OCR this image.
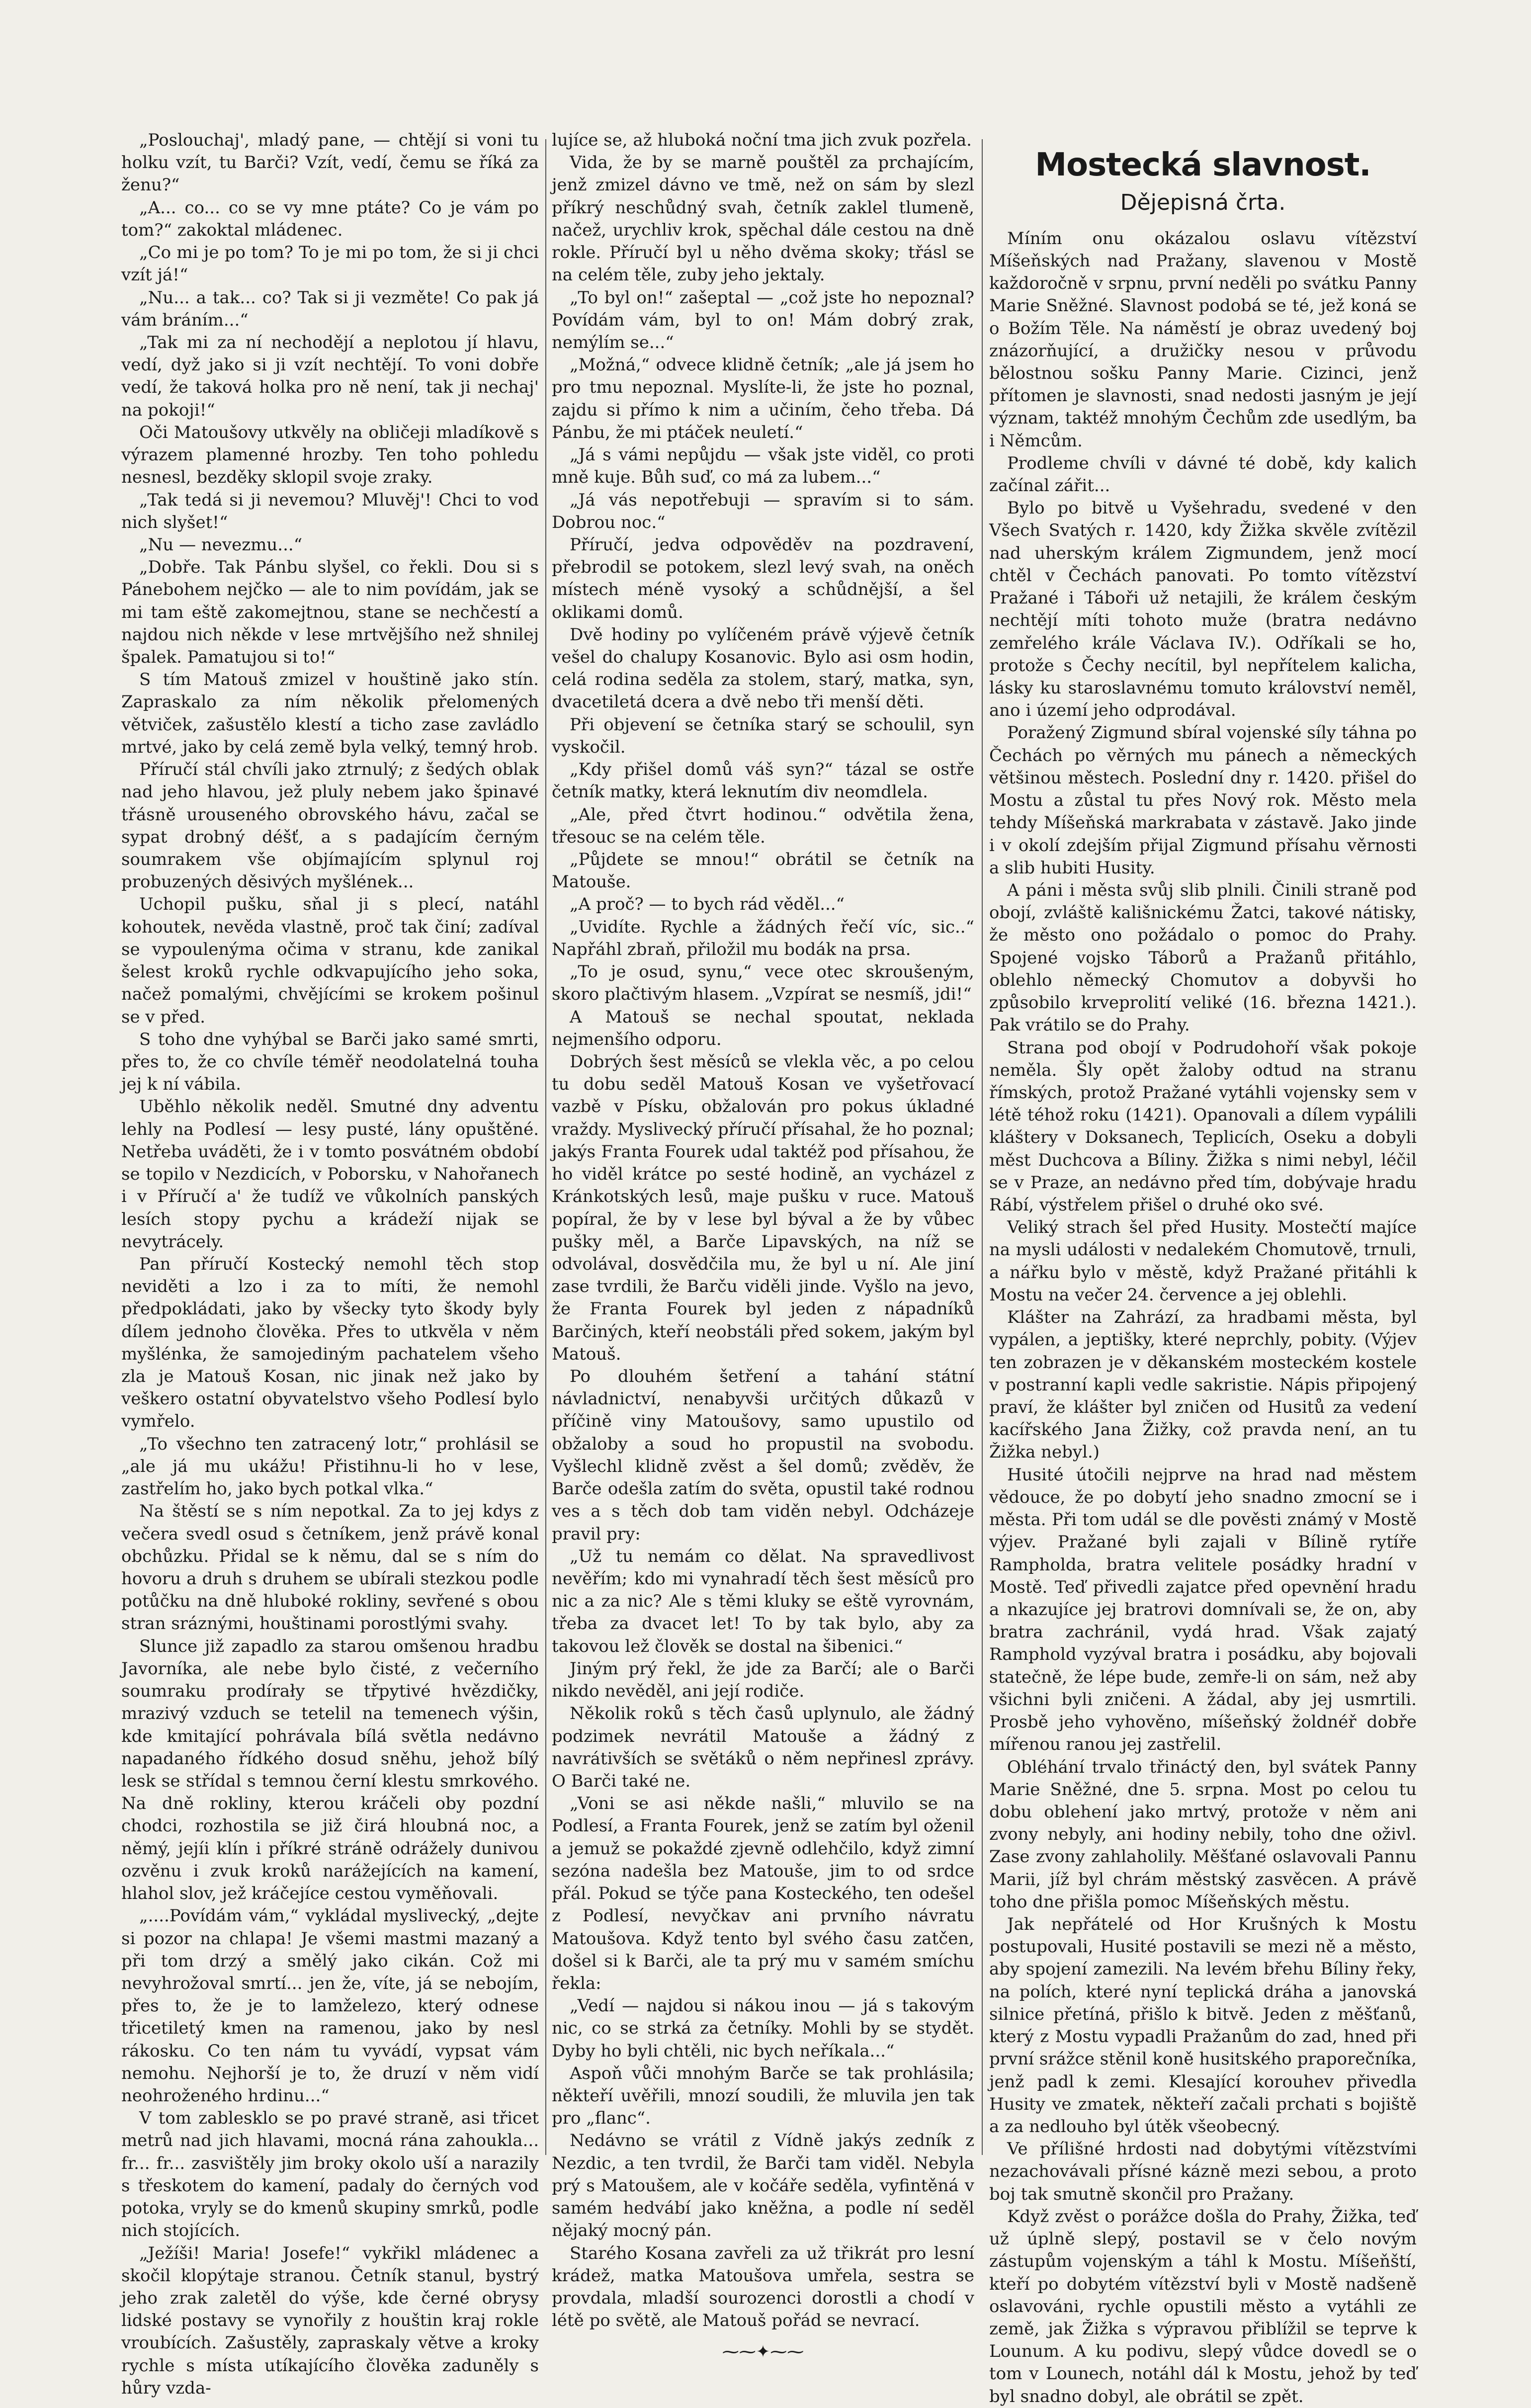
„Poslouchaj', mladý pane, — chtějí si voni tu holku vzít, tu Barči? Vzít, vedí, čemu se říká za ženu?“

„A... co... co se vy mne ptáte? Co je vám po tom?“ zakoktal mládenec.

„Co mi je po tom? To je mi po tom, že si ji chci vzít já!“

„Nu... a tak... co? Tak si ji vezměte! Co pak já vám bráním...“

„Tak mi za ní nechodějí a neplotou jí hlavu, vedí, dyž jako si ji vzít nechtějí. To voni dobře vedí, že taková holka pro ně není, tak ji nechaj' na pokoji!“

Oči Matoušovy utkvěly na obličeji mladíkově s výrazem plamenné hrozby. Ten toho pohledu nesnesl, bezděky sklopil svoje zraky.

„Tak tedá si ji nevemou? Mluvěj'! Chci to vod nich slyšet!“

„Nu — nevezmu...“

„Dobře. Tak Pánbu slyšel, co řekli. Dou si s Pánebohem nejčko — ale to nim povídám, jak se mi tam eště zakomejtnou, stane se nechčestí a najdou nich někde v lese mrtvějšího než shnilej špalek. Pamatujou si to!“

S tím Matouš zmizel v houštině jako stín. Zapraskalo za ním několik přelomených větviček, zašustělo klestí a ticho zase zavládlo mrtvé, jako by celá země byla velký, temný hrob.

Příručí stál chvíli jako ztrnulý; z šedých oblak nad jeho hlavou, jež pluly nebem jako špinavé třásně urouseného obrovského hávu, začal se sypat drobný déšť, a s padajícím černým soumrakem vše objímajícím splynul roj probuzených děsivých myšlének...

Uchopil pušku, sňal ji s plecí, natáhl kohoutek, nevěda vlastně, proč tak činí; zadíval se vypoulenýma očima v stranu, kde zanikal šelest kroků rychle odkvapujícího jeho soka, načež pomalými, chvějícími se krokem pošinul se v před.

S toho dne vyhýbal se Barči jako samé smrti, přes to, že co chvíle téměř neodolatelná touha jej k ní vábila.

Uběhlo několik neděl. Smutné dny adventu lehly na Podlesí — lesy pusté, lány opuštěné. Netřeba uváděti, že i v tomto posvátném období se topilo v Nezdicích, v Poborsku, v Nahořanech i v Příručí a' že tudíž ve vůkolních panských lesích stopy pychu a krádeží nijak se nevytrácely.

Pan příručí Kostecký nemohl těch stop neviděti a lzo i za to míti, že nemohl předpokládati, jako by všecky tyto škody byly dílem jednoho člověka. Přes to utkvěla v něm myšlénka, že samojediným pachatelem všeho zla je Matouš Kosan, nic jinak než jako by veškero ostatní obyvatelstvo všeho Podlesí bylo vymřelo.

„To všechno ten zatracený lotr,“ prohlásil se „ale já mu ukážu! Přistihnu-li ho v lese, zastřelím ho, jako bych potkal vlka.“

Na štěstí se s ním nepotkal. Za to jej kdys z večera svedl osud s četníkem, jenž právě konal obchůzku. Přidal se k němu, dal se s ním do hovoru a druh s druhem se ubírali stezkou podle potůčku na dně hluboké rokliny, sevřené s obou stran sráznými, houštinami porostlými svahy.

Slunce již zapadlo za starou omšenou hradbu Javorníka, ale nebe bylo čisté, z večerního soumraku prodírały se třpytivé hvězdičky, mrazivý vzduch se tetelil na temenech výšin, kde kmitající pohrávala bílá světla nedávno napadaného řídkého dosud sněhu, jehož bílý lesk se střídal s temnou černí klestu smrkového. Na dně rokliny, kterou kráčeli oby pozdní chodci, rozhostila se již čirá hloubná noc, a němý, jejíi klín i příkré stráně odrážely dunivou ozvěnu i zvuk kroků narážejících na kamení, hlahol slov, jež kráčejíce cestou vyměňovali.

„....Povídám vám,“ vykládal myslivecký, „dejte si pozor na chlapa! Je všemi mastmi mazaný a při tom drzý a smělý jako cikán. Což mi nevyhrožoval smrtí... jen že, víte, já se nebojím, přes to, že je to lamželezo, který odnese třicetiletý kmen na ramenou, jako by nesl rákosku. Co ten nám tu vyvádí, vypsat vám nemohu. Nejhorší je to, že druzí v něm vidí neohroženého hrdinu...“

V tom zablesklo se po pravé straně, asi třicet metrů nad jich hlavami, mocná rána zahoukla... fr... fr... zasvištěly jim broky okolo uší a narazily s třeskotem do kamení, padaly do černých vod potoka, vryly se do kmenů skupiny smrků, podle nich stojících.

„Ježíši! Maria! Josefe!“ vykřikl mládenec a skočil klopýtaje stranou. Četník stanul, bystrý jeho zrak zaletěl do výše, kde černé obrysy lidské postavy se vynořily z houštin kraj rokle vroubících. Zašustěly, zapraskaly větve a kroky rychle s místa utíkajícího člověka zaduněly s hůry vzda-

lujíce se, až hluboká noční tma jich zvuk pozřela.

Vida, že by se marně pouštěl za prchajícím, jenž zmizel dávno ve tmě, než on sám by slezl příkrý neschůdný svah, četník zaklel tlumeně, načež, urychliv krok, spěchal dále cestou na dně rokle. Příručí byl u něho dvěma skoky; třásl se na celém těle, zuby jeho jektaly.

„To byl on!“ zašeptal — „což jste ho nepoznal? Povídám vám, byl to on! Mám dobrý zrak, nemýlím se...“

„Možná,“ odvece klidně četník; „ale já jsem ho pro tmu nepoznal. Myslíte-li, že jste ho poznal, zajdu si přímo k nim a učiním, čeho třeba. Dá Pánbu, že mi ptáček neuletí.“

„Já s vámi nepůjdu — však jste viděl, co proti mně kuje. Bůh suď, co má za lubem...“

„Já vás nepotřebuji — spravím si to sám. Dobrou noc.“

Příručí, jedva odpověděv na pozdravení, přebrodil se potokem, slezl levý svah, na oněch místech méně vysoký a schůdnější, a šel oklikami domů.

Dvě hodiny po vylíčeném právě výjevě četník vešel do chalupy Kosanovic. Bylo asi osm hodin, celá rodina seděla za stolem, starý, matka, syn, dvacetiletá dcera a dvě nebo tři menší děti.

Při objevení se četníka starý se schoulil, syn vyskočil.

„Kdy přišel domů váš syn?“ tázal se ostře četník matky, která leknutím div neomdlela.

„Ale, před čtvrt hodinou.“ odvětila žena, třesouc se na celém těle.

„Půjdete se mnou!“ obrátil se četník na Matouše.

„A proč? — to bych rád věděl...“

„Uvidíte. Rychle a žádných řečí víc, sic..“ Napřáhl zbraň, přiložil mu bodák na prsa.

„To je osud, synu,“ vece otec skroušeným, skoro plačtivým hlasem. „Vzpírat se nesmíš, jdi!“

A Matouš se nechal spoutat, neklada nejmenšího odporu.

Dobrých šest měsíců se vlekla věc, a po celou tu dobu seděl Matouš Kosan ve vyšetřovací vazbě v Písku, obžalován pro pokus úkladné vraždy. Myslivecký příručí přísahal, že ho poznal; jakýs Franta Fourek udal taktéž pod přísahou, že ho viděl krátce po sesté hodině, an vycházel z Kránkotských lesů, maje pušku v ruce. Matouš popíral, že by v lese byl býval a že by vůbec pušky měl, a Barče Lipavských, na níž se odvolával, dosvědčila mu, že byl u ní. Ale jiní zase tvrdili, že Barču viděli jinde. Vyšlo na jevo, že Franta Fourek byl jeden z nápadníků Barčiných, kteří neobstáli před sokem, jakým byl Matouš.

Po dlouhém šetření a tahání státní návladnictví, nenabyvši určitých důkazů v příčině viny Matoušovy, samo upustilo od obžaloby a soud ho propustil na svobodu. Vyšlechl klidně zvěst a šel domů; zvěděv, že Barče odešla zatím do světa, opustil také rodnou ves a s těch dob tam viděn nebyl. Odcházeje pravil pry:

„Už tu nemám co dělat. Na spravedlivost nevěřím; kdo mi vynahradí těch šest měsíců pro nic a za nic? Ale s těmi kluky se eště vyrovnám, třeba za dvacet let! To by tak bylo, aby za takovou lež člověk se dostal na šibenici.“

Jiným prý řekl, že jde za Barčí; ale o Barči nikdo nevěděl, ani její rodiče.

Několik roků s těch časů uplynulo, ale žádný podzimek nevrátil Matouše a žádný z navrátivších se světáků o něm nepřinesl zprávy. O Barči také ne.

„Voni se asi někde našli,“ mluvilo se na Podlesí, a Franta Fourek, jenž se zatím byl oženil a jemuž se pokaždé zjevně odlehčilo, když zimní sezóna nadešla bez Matouše, jim to od srdce přál. Pokud se týče pana Kosteckého, ten odešel z Podlesí, nevyčkav ani prvního návratu Matoušova. Když tento byl svého času zatčen, došel si k Barči, ale ta prý mu v samém smíchu řekla:

„Vedí — najdou si nákou inou — já s takovým nic, co se strká za četníky. Mohli by se stydět. Dyby ho byli chtěli, nic bych neříkala...“

Aspoň vůči mnohým Barče se tak prohlásila; někteří uvěřili, mnozí soudili, že mluvila jen tak pro „flanc“.

Nedávno se vrátil z Vídně jakýs zedník z Nezdic, a ten tvrdil, že Barči tam viděl. Nebyla prý s Matoušem, ale v kočáře seděla, vyfintěná v samém hedvábí jako kněžna, a podle ní seděl nějaký mocný pán.

Starého Kosana zavřeli za už třikrát pro lesní krádež, matka Matoušova umřela, sestra se provdala, mladší sourozenci dorostli a chodí v létě po světě, ale Matouš pořád se nevrací.

⁓⁓✦⁓⁓
Mostecká slavnost.
Dějepisná črta.

Míním onu okázalou oslavu vítězství Míšeňských nad Pražany, slavenou v Mostě každoročně v srpnu, první neděli po svátku Panny Marie Sněžné. Slavnost podobá se té, jež koná se o Božím Těle. Na náměstí je obraz uvedený boj znázorňující, a družičky nesou v průvodu bělostnou sošku Panny Marie. Cizinci, jenž přítomen je slavnosti, snad nedosti jasným je její význam, taktéž mnohým Čechům zde usedlým, ba i Němcům.

Prodleme chvíli v dávné té době, kdy kalich začínal zářit...

Bylo po bitvě u Vyšehradu, svedené v den Všech Svatých r. 1420, kdy Žižka skvěle zvítězil nad uherským králem Zigmundem, jenž mocí chtěl v Čechách panovati. Po tomto vítězství Pražané i Táboři už netajili, že králem českým nechtějí míti tohoto muže (bratra nedávno zemřelého krále Václava IV.). Odříkali se ho, protože s Čechy necítil, byl nepřítelem kalicha, lásky ku staroslavnému tomuto království neměl, ano i území jeho odprodával.

Poražený Zigmund sbíral vojenské síly táhna po Čechách po věrných mu pánech a německých většinou městech. Poslední dny r. 1420. přišel do Mostu a zůstal tu přes Nový rok. Město mela tehdy Míšeňská markrabata v zástavě. Jako jinde i v okolí zdejším přijal Zigmund přísahu věrnosti a slib hubiti Husity.

A páni i města svůj slib plnili. Činili straně pod obojí, zvláště kališnickému Žatci, takové nátisky, že město ono požádalo o pomoc do Prahy. Spojené vojsko Táborů a Pražanů přitáhlo, oblehlo německý Chomutov a dobyvši ho způsobilo krveprolití veliké (16. března 1421.). Pak vrátilo se do Prahy.

Strana pod obojí v Podrudohoří však pokoje neměla. Šly opět žaloby odtud na stranu římských, protož Pražané vytáhli vojensky sem v létě téhož roku (1421). Opanovali a dílem vypálili kláštery v Doksanech, Teplicích, Oseku a dobyli měst Duchcova a Bíliny. Žižka s nimi nebyl, léčil se v Praze, an nedávno před tím, dobývaje hradu Rábí, výstřelem přišel o druhé oko své.

Veliký strach šel před Husity. Mostečtí majíce na mysli události v nedalekém Chomutově, trnuli, a nářku bylo v městě, když Pražané přitáhli k Mostu na večer 24. července a jej oblehli.

Klášter na Zahrází, za hradbami města, byl vypálen, a jeptišky, které neprchly, pobity. (Výjev ten zobrazen je v děkanském mosteckém kostele v postranní kapli vedle sakristie. Nápis připojený praví, že klášter byl zničen od Husitů za vedení kacířského Jana Žižky, což pravda není, an tu Žižka nebyl.)

Husité útočili nejprve na hrad nad městem vědouce, že po dobytí jeho snadno zmocní se i města. Při tom udál se dle pověsti známý v Mostě výjev. Pražané byli zajali v Bílině rytíře Rampholda, bratra velitele posádky hradní v Mostě. Teď přivedli zajatce před opevnění hradu a nkazujíce jej bratrovi domnívali se, že on, aby bratra zachránil, vydá hrad. Však zajatý Ramphold vyzýval bratra i posádku, aby bojovali statečně, že lépe bude, zemře-li on sám, než aby všichni byli zničeni. A žádal, aby jej usmrtili. Prosbě jeho vyhověno, míšeňský žoldnéř dobře mířenou ranou jej zastřelil.

Obléhání trvalo třináctý den, byl svátek Panny Marie Sněžné, dne 5. srpna. Most po celou tu dobu oblehení jako mrtvý, protože v něm ani zvony nebyly, ani hodiny nebily, toho dne oživl. Zase zvony zahlaholily. Měšťané oslavovali Pannu Marii, jíž byl chrám městský zasvěcen. A právě toho dne přišla pomoc Míšeňských městu.

Jak nepřátelé od Hor Krušných k Mostu postupovali, Husité postavili se mezi ně a město, aby spojení zamezili. Na levém břehu Bíliny řeky, na polích, které nyní teplická dráha a janovská silnice přetíná, přišlo k bitvě. Jeden z měšťanů, který z Mostu vypadli Pražanům do zad, hned při první srážce stěnil koně husitského praporečníka, jenž padl k zemi. Klesající korouhev přivedla Husity ve zmatek, někteří začali prchati s bojiště a za nedlouho byl útěk všeobecný.

Ve přílišné hrdosti nad dobytými vítězstvími nezachovávali přísné kázně mezi sebou, a proto boj tak smutně skončil pro Pražany.

Když zvěst o porážce došla do Prahy, Žižka, teď už úplně slepý, postavil se v čelo novým zástupům vojenským a táhl k Mostu. Míšeňští, kteří po dobytém vítězství byli v Mostě nadšeně oslavováni, rychle opustili město a vytáhli ze země, jak Žižka s výpravou přiblížil se teprve k Lounum. A ku podivu, slepý vůdce dovedl se o tom v Lounech, notáhl dál k Mostu, jehož by teď byl snadno dobyl, ale obrátil se zpět.
